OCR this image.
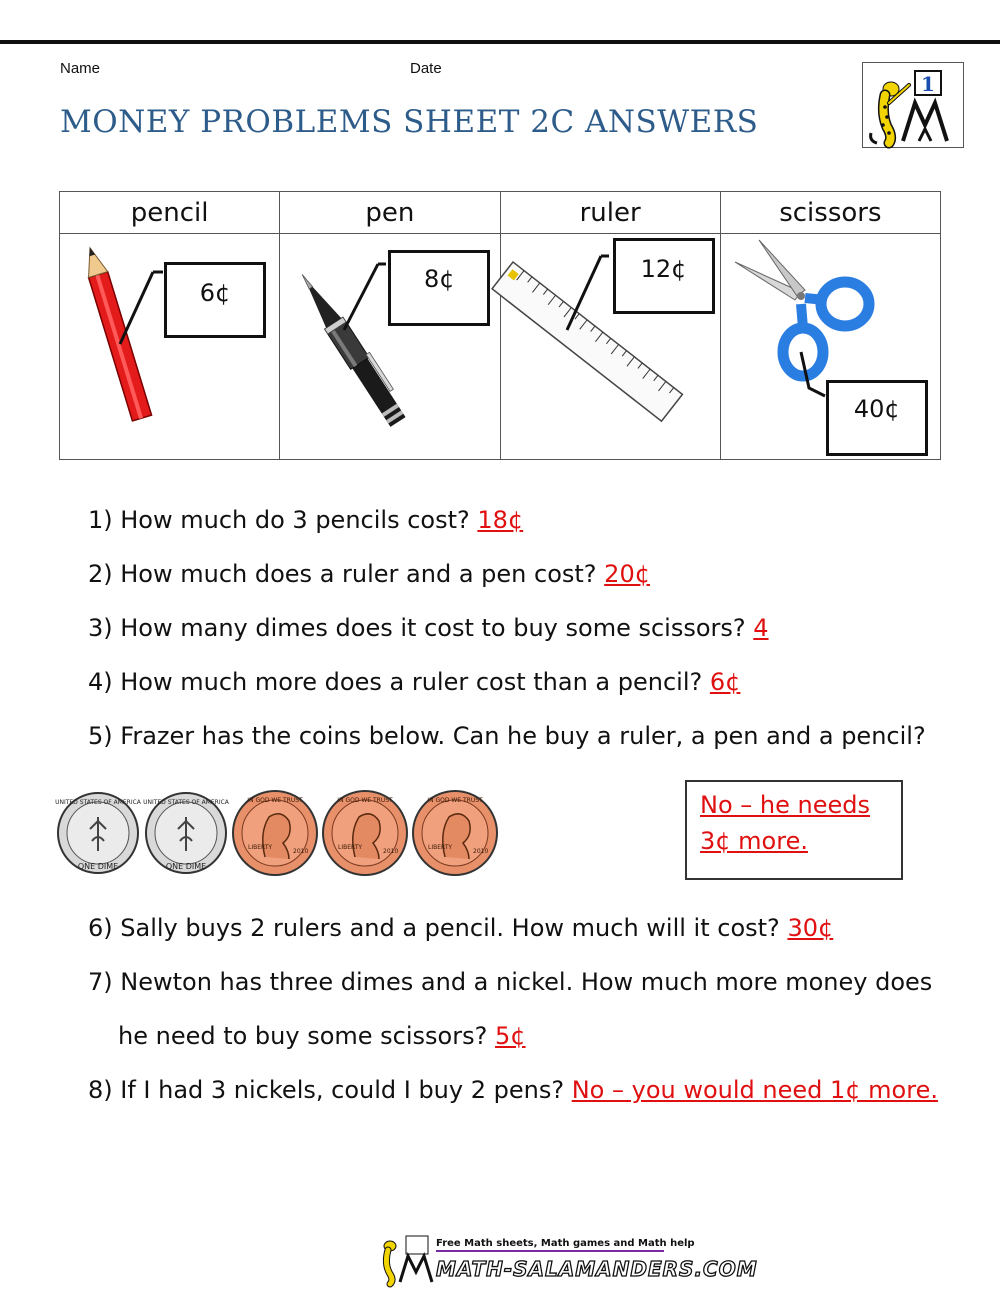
Name	Date
MONEY PROBLEMS SHEET 2C ANSWERS
1
pencil	pen	ruler	scissors

6¢	8¢	12¢	40¢
1) How much do 3 pencils cost? 18¢
2) How much does a ruler and a pen cost? 20¢
3) How many dimes does it cost to buy some scissors? 4
4) How much more does a ruler cost than a pencil? 6¢
5) Frazer has the coins below. Can he buy a ruler, a pen and a pencil?
UNITED STATES OF AMERICA
ONE DIME
UNITED STATES OF AMERICA
ONE DIME
IN GOD WE TRUST
LIBERTY
2010
IN GOD WE TRUST
LIBERTY
2010
IN GOD WE TRUST
LIBERTY
2010
No – he needs
3¢ more.
6) Sally buys 2 rulers and a pencil. How much will it cost? 30¢
7) Newton has three dimes and a nickel. How much more money does
he need to buy some scissors? 5¢
8) If I had 3 nickels, could I buy 2 pens? No – you would need 1¢ more.
Free Math sheets, Math games and Math help
MATH-SALAMANDERS.COM
